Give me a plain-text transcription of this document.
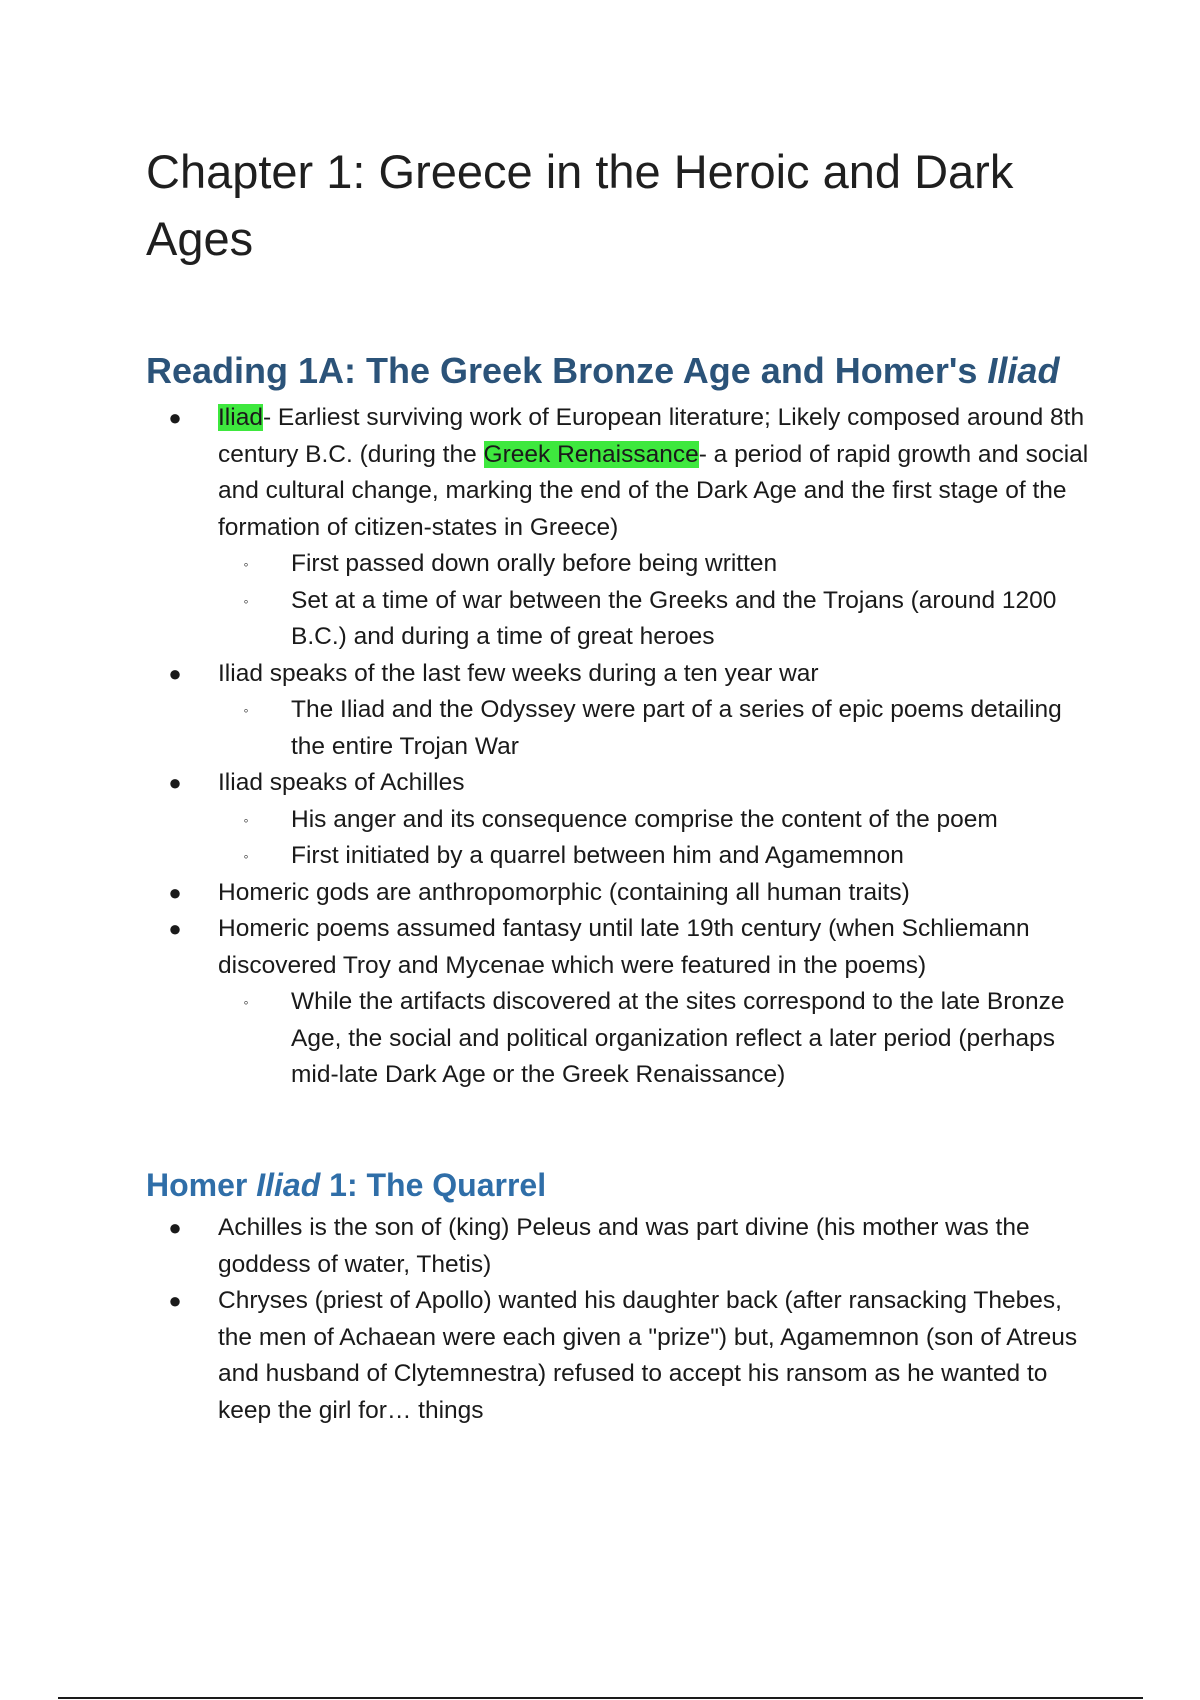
Chapter 1: Greece in the Heroic and Dark Ages
Reading 1A: The Greek Bronze Age and Homer's Iliad
● Iliad- Earliest surviving work of European literature; Likely composed around 8th century B.C. (during the Greek Renaissance- a period of rapid growth and social and cultural change, marking the end of the Dark Age and the first stage of the formation of citizen-states in Greece)
◦ First passed down orally before being written
◦ Set at a time of war between the Greeks and the Trojans (around 1200 B.C.) and during a time of great heroes
● Iliad speaks of the last few weeks during a ten year war
◦ The Iliad and the Odyssey were part of a series of epic poems detailing the entire Trojan War
● Iliad speaks of Achilles
◦ His anger and its consequence comprise the content of the poem
◦ First initiated by a quarrel between him and Agamemnon
● Homeric gods are anthropomorphic (containing all human traits)
● Homeric poems assumed fantasy until late 19th century (when Schliemann discovered Troy and Mycenae which were featured in the poems)
◦ While the artifacts discovered at the sites correspond to the late Bronze Age, the social and political organization reflect a later period (perhaps mid-late Dark Age or the Greek Renaissance)
Homer Iliad 1: The Quarrel
● Achilles is the son of (king) Peleus and was part divine (his mother was the goddess of water, Thetis)
● Chryses (priest of Apollo) wanted his daughter back (after ransacking Thebes, the men of Achaean were each given a "prize") but, Agamemnon (son of Atreus and husband of Clytemnestra) refused to accept his ransom as he wanted to keep the girl for… things
